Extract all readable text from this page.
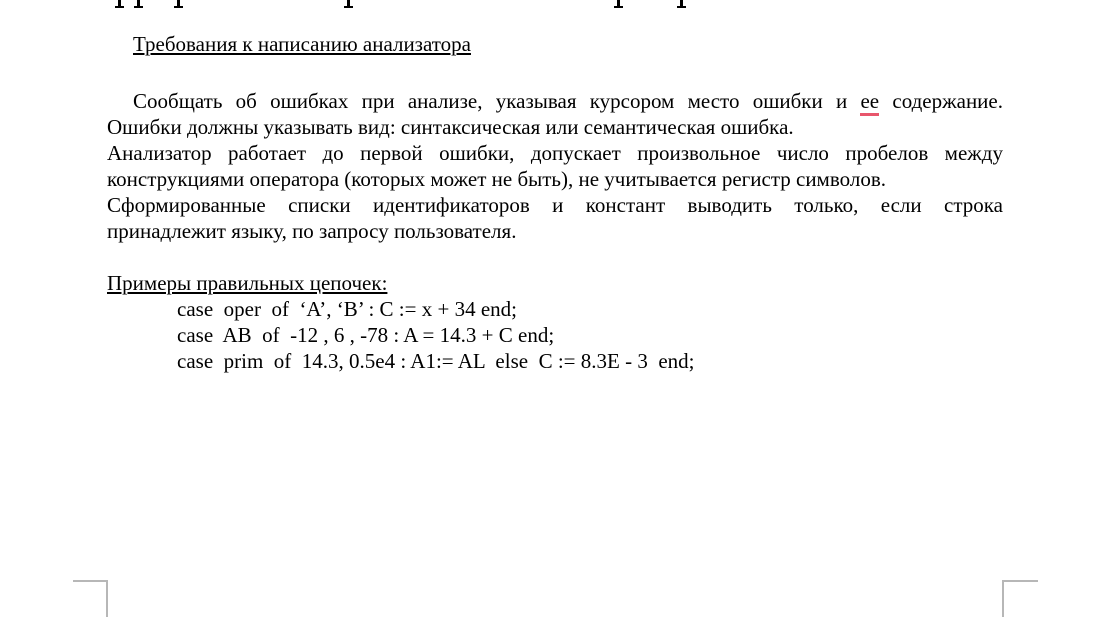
Требования к написанию анализатора
Сообщать об ошибках при анализе, указывая курсором место ошибки и ее содержание.
Ошибки должны указывать вид: синтаксическая или семантическая ошибка.
Анализатор работает до первой ошибки, допускает произвольное число пробелов между
конструкциями оператора (которых может не быть), не учитывается регистр символов.
Сформированные списки идентификаторов и констант выводить только, если строка
принадлежит языку, по запросу пользователя.
Примеры правильных цепочек:
case  oper  of  ‘A’, ‘B’ : C := x + 34 end;
case  AB  of  -12 , 6 , -78 : A = 14.3 + C end;
case  prim  of  14.3, 0.5e4 : A1:= AL  else  C := 8.3E - 3  end;
